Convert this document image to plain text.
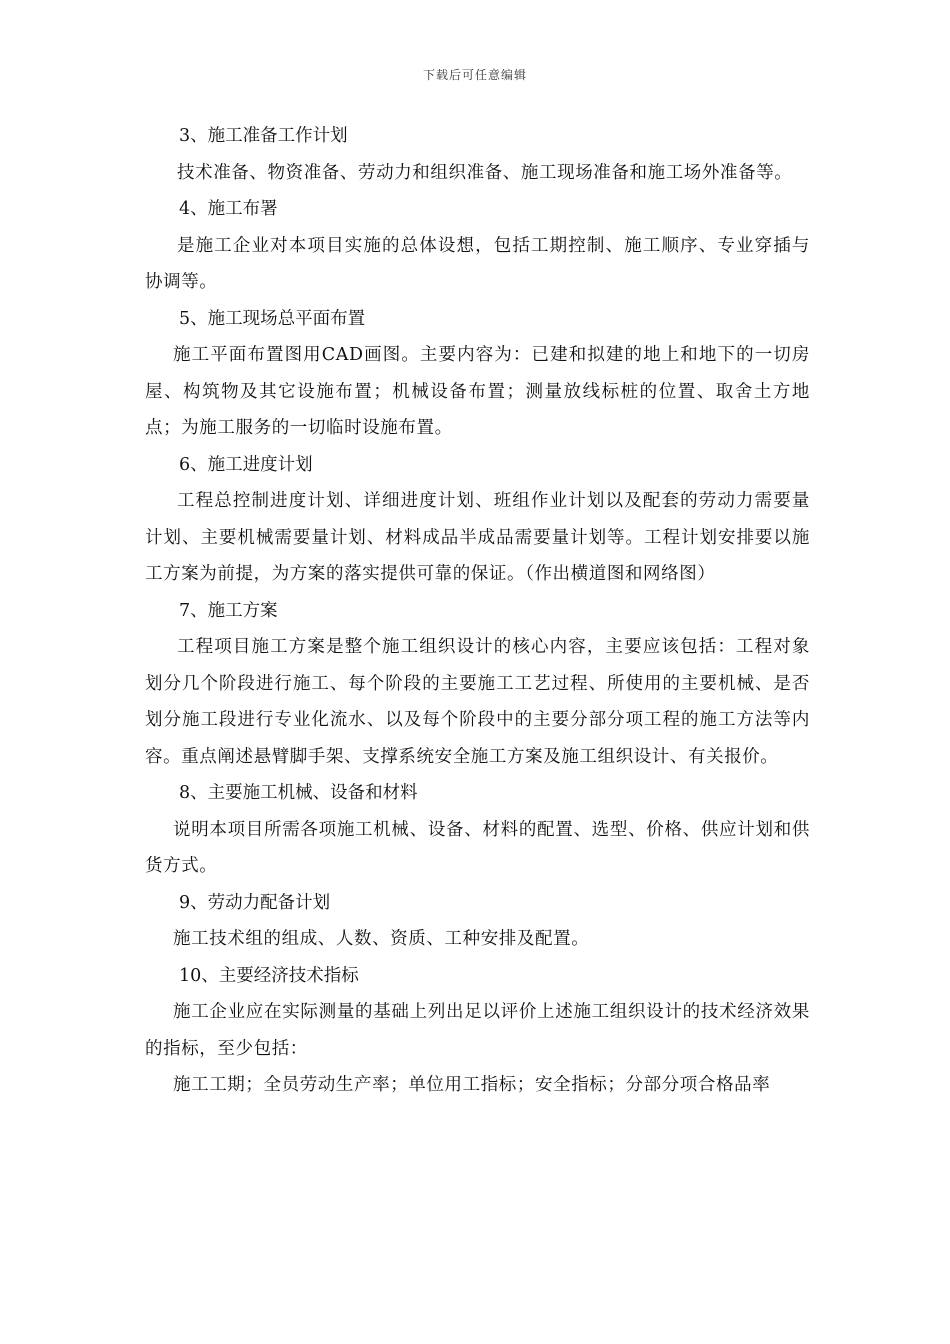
下载后可任意编辑

3、施工准备工作计划

技术准备、物资准备、劳动力和组织准备、施工现场准备和施工场外准备等。

4、施工布署

是施工企业对本项目实施的总体设想，包括工期控制、施工顺序、专业穿插与协调等。

5、施工现场总平面布置

施工平面布置图用CAD画图。主要内容为：已建和拟建的地上和地下的一切房屋、构筑物及其它设施布置；机械设备布置；测量放线标桩的位置、取舍土方地点；为施工服务的一切临时设施布置。

6、施工进度计划

工程总控制进度计划、详细进度计划、班组作业计划以及配套的劳动力需要量计划、主要机械需要量计划、材料成品半成品需要量计划等。工程计划安排要以施工方案为前提，为方案的落实提供可靠的保证。（作出横道图和网络图）

7、施工方案

工程项目施工方案是整个施工组织设计的核心内容，主要应该包括：工程对象划分几个阶段进行施工、每个阶段的主要施工工艺过程、所使用的主要机械、是否划分施工段进行专业化流水、以及每个阶段中的主要分部分项工程的施工方法等内容。重点阐述悬臂脚手架、支撑系统安全施工方案及施工组织设计、有关报价。

8、主要施工机械、设备和材料

说明本项目所需各项施工机械、设备、材料的配置、选型、价格、供应计划和供货方式。

9、劳动力配备计划

施工技术组的组成、人数、资质、工种安排及配置。

10、主要经济技术指标

施工企业应在实际测量的基础上列出足以评价上述施工组织设计的技术经济效果的指标，至少包括：

施工工期；全员劳动生产率；单位用工指标；安全指标；分部分项合格品率
